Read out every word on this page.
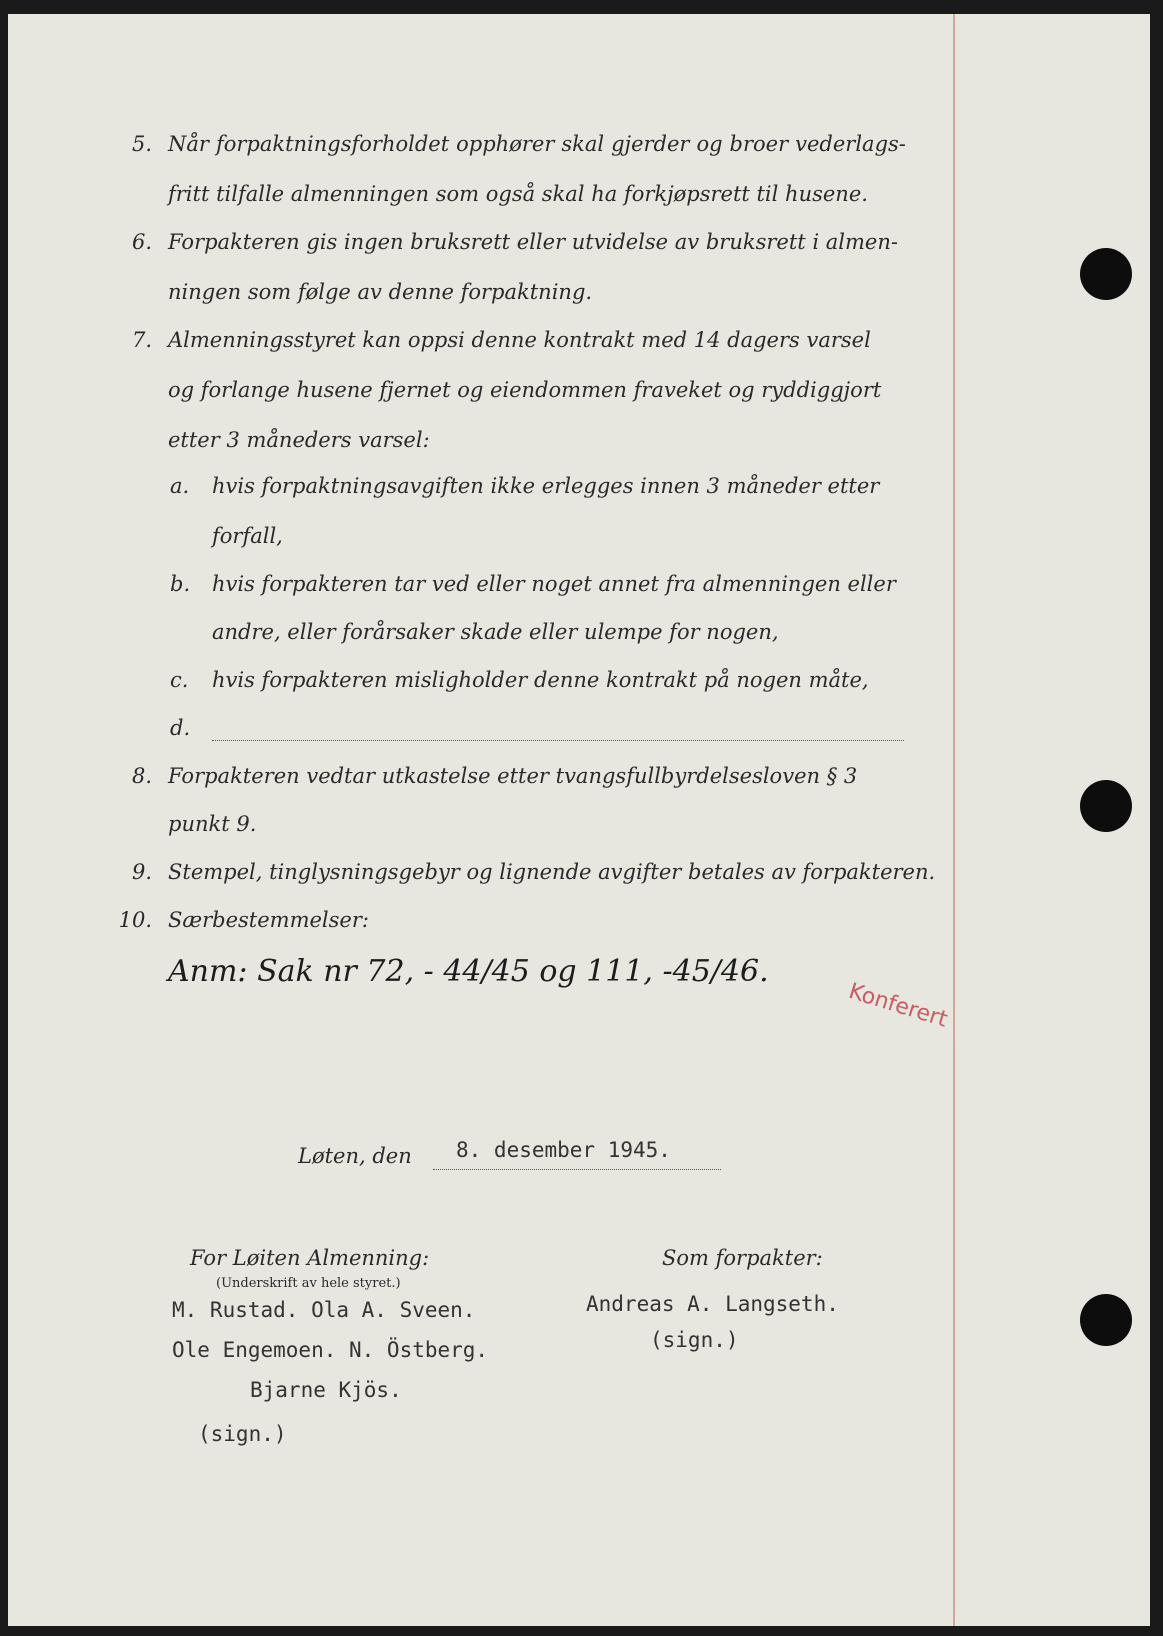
5. Når forpaktningsforholdet opphører skal gjerder og broer vederlags-
fritt tilfalle almenningen som også skal ha forkjøpsrett til husene.
6. Forpakteren gis ingen bruksrett eller utvidelse av bruksrett i almen-
ningen som følge av denne forpaktning.
7. Almenningsstyret kan oppsi denne kontrakt med 14 dagers varsel
og forlange husene fjernet og eiendommen fraveket og ryddiggjort
etter 3 måneders varsel:
a. hvis forpaktningsavgiften ikke erlegges innen 3 måneder etter
forfall,
b. hvis forpakteren tar ved eller noget annet fra almenningen eller
andre, eller forårsaker skade eller ulempe for nogen,
c. hvis forpakteren misligholder denne kontrakt på nogen måte,
d.
8. Forpakteren vedtar utkastelse etter tvangsfullbyrdelsesloven § 3
punkt 9.
9. Stempel, tinglysningsgebyr og lignende avgifter betales av forpakteren.
10. Særbestemmelser:
Anm: Sak nr 72, - 44/45 og 111, -45/46.
Konferert
Løten, den 8. desember 1945.
For Løiten Almenning:
(Underskrift av hele styret.)
M. Rustad. Ola A. Sveen.
Ole Engemoen. N. Östberg.
Bjarne Kjös.
(sign.)
Som forpakter:
Andreas A. Langseth.
(sign.)
